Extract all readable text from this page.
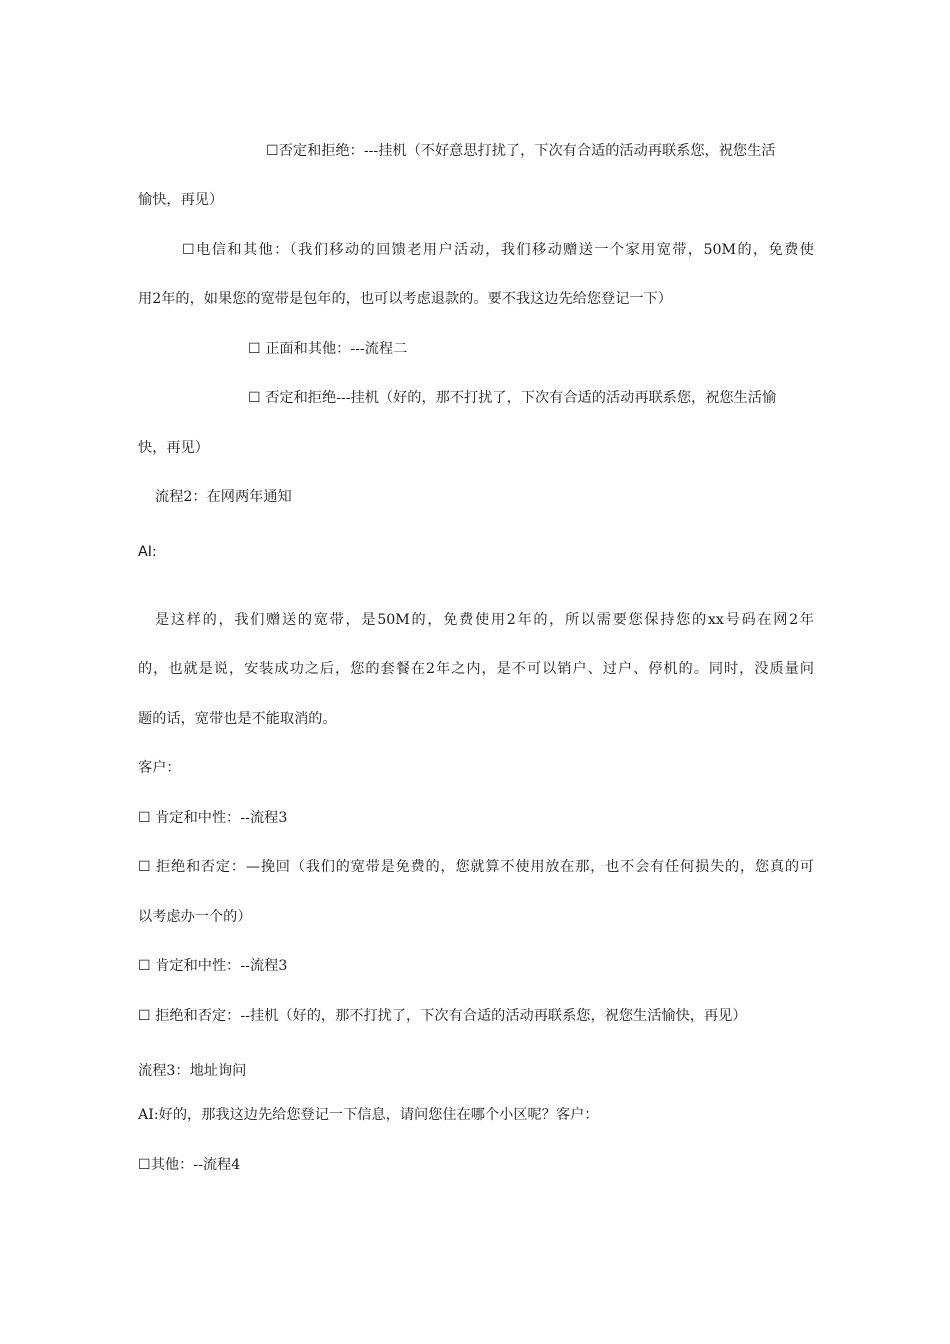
☐否定和拒绝：---挂机（不好意思打扰了，下次有合适的活动再联系您，祝您生活
愉快，再见）
☐电信和其他：（我们移动的回馈老用户活动，我们移动赠送一个家用宽带，50M的，免费使
用2年的，如果您的宽带是包年的，也可以考虑退款的。要不我这边先给您登记一下）
☐ 正面和其他：---流程二
☐ 否定和拒绝---挂机（好的，那不打扰了，下次有合适的活动再联系您，祝您生活愉
快，再见）
流程2：在网两年通知
AI:
是这样的，我们赠送的宽带，是50M的，免费使用2年的，所以需要您保持您的xx号码在网2年
的，也就是说，安装成功之后，您的套餐在2年之内，是不可以销户、过户、停机的。同时，没质量问
题的话，宽带也是不能取消的。
客户：
☐ 肯定和中性：--流程3
☐ 拒绝和否定：—挽回（我们的宽带是免费的，您就算不使用放在那，也不会有任何损失的，您真的可
以考虑办一个的）
☐ 肯定和中性：--流程3
☐ 拒绝和否定：--挂机（好的，那不打扰了，下次有合适的活动再联系您，祝您生活愉快，再见）
流程3：地址询问
AI:好的，那我这边先给您登记一下信息，请问您住在哪个小区呢？客户：
☐其他：--流程4
